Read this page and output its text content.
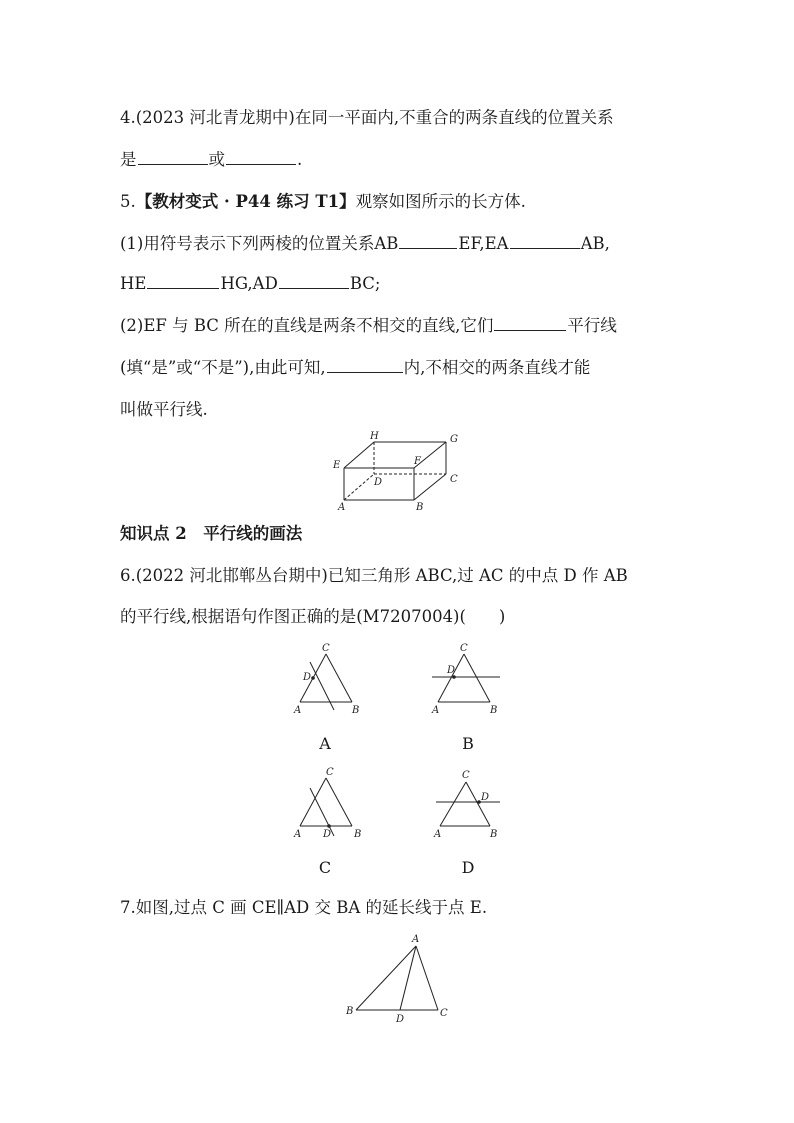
4.(2023 河北青龙期中)在同一平面内,不重合的两条直线的位置关系
是	或	.
5.【教材变式 · P44 练习 T1】观察如图所示的长方体.
(1)用符号表示下列两棱的位置关系AB	EF,EA	AB,
HE	HG,AD	BC;
(2)EF 与 BC 所在的直线是两条不相交的直线,它们	平行线
(填“是”或“不是”),由此可知,	内,不相交的两条直线才能
叫做平行线.
H	G
E	F
D	C
A	B
知识点 2　平行线的画法
6.(2022 河北邯郸丛台期中)已知三角形 ABC,过 AC 的中点 D 作 AB
的平行线,根据语句作图正确的是(M7207004)(　　)
C
D
A	B
A
C
D
A	B
B
C
D
A	B
C
C
D
A	B
D
7.如图,过点 C 画 CE∥AD 交 BA 的延长线于点 E.
A
B
D
C
